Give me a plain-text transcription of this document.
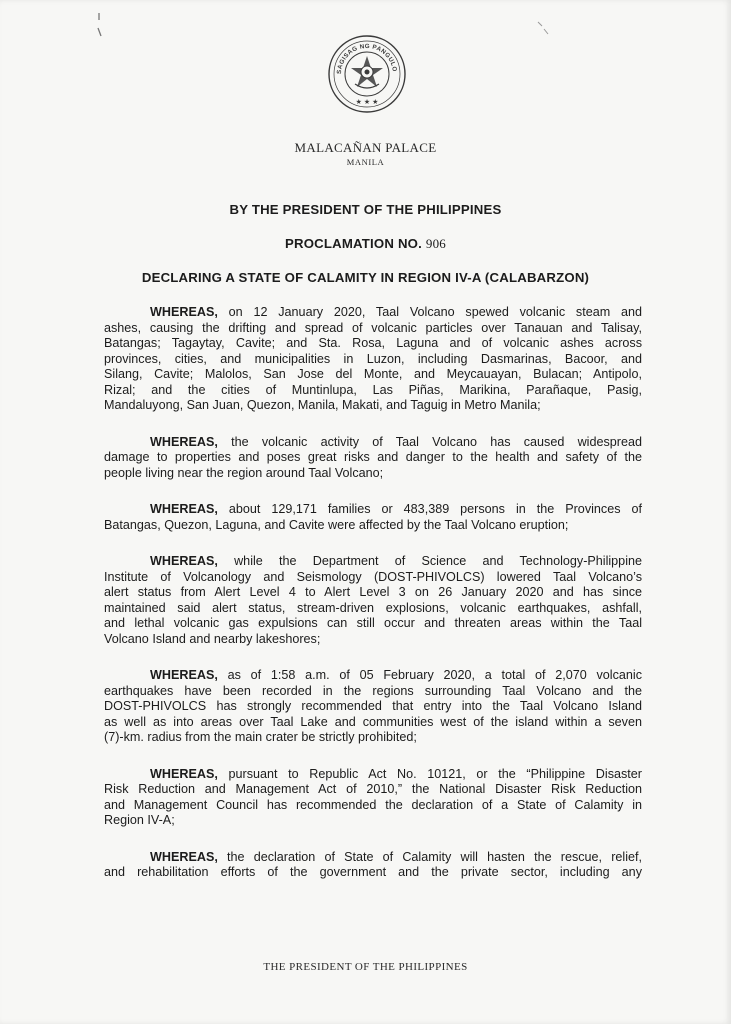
SAGISAG NG PANGULO
★ ★ ★
MALACAÑAN PALACE
MANILA
BY THE PRESIDENT OF THE PHILIPPINES
PROCLAMATION NO. 906
DECLARING A STATE OF CALAMITY IN REGION IV-A (CALABARZON)
WHEREAS, on 12 January 2020, Taal Volcano spewed volcanic steam and
ashes, causing the drifting and spread of volcanic particles over Tanauan and Talisay,
Batangas; Tagaytay, Cavite; and Sta. Rosa, Laguna and of volcanic ashes across
provinces, cities, and municipalities in Luzon, including Dasmarinas, Bacoor, and
Silang, Cavite; Malolos, San Jose del Monte, and Meycauayan, Bulacan; Antipolo,
Rizal; and the cities of Muntinlupa, Las Piñas, Marikina, Parañaque, Pasig,
Mandaluyong, San Juan, Quezon, Manila, Makati, and Taguig in Metro Manila;
WHEREAS, the volcanic activity of Taal Volcano has caused widespread
damage to properties and poses great risks and danger to the health and safety of the
people living near the region around Taal Volcano;
WHEREAS, about 129,171 families or 483,389 persons in the Provinces of
Batangas, Quezon, Laguna, and Cavite were affected by the Taal Volcano eruption;
WHEREAS, while the Department of Science and Technology-Philippine
Institute of Volcanology and Seismology (DOST-PHIVOLCS) lowered Taal Volcano’s
alert status from Alert Level 4 to Alert Level 3 on 26 January 2020 and has since
maintained said alert status, stream-driven explosions, volcanic earthquakes, ashfall,
and lethal volcanic gas expulsions can still occur and threaten areas within the Taal
Volcano Island and nearby lakeshores;
WHEREAS, as of 1:58 a.m. of 05 February 2020, a total of 2,070 volcanic
earthquakes have been recorded in the regions surrounding Taal Volcano and the
DOST-PHIVOLCS has strongly recommended that entry into the Taal Volcano Island
as well as into areas over Taal Lake and communities west of the island within a seven
(7)-km. radius from the main crater be strictly prohibited;
WHEREAS, pursuant to Republic Act No. 10121, or the “Philippine Disaster
Risk Reduction and Management Act of 2010,” the National Disaster Risk Reduction
and Management Council has recommended the declaration of a State of Calamity in
Region IV-A;
WHEREAS, the declaration of State of Calamity will hasten the rescue, relief,
and rehabilitation efforts of the government and the private sector, including any
THE PRESIDENT OF THE PHILIPPINES
